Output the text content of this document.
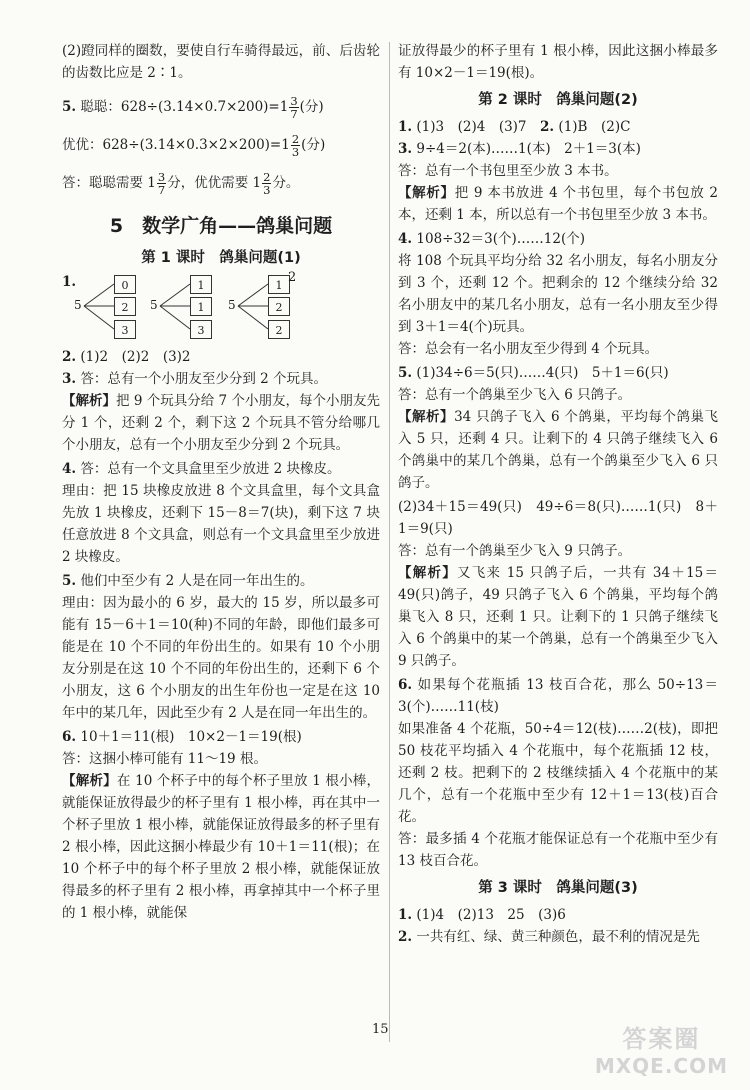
(2)蹬同样的圈数，要使自行车骑得最远，前、后齿轮的齿数比应是 2∶1。

5. 聪聪：$628\div(3.14\times 0.7\times 200)=1 \frac{3}{7}$ (分)

优优：$628\div(3.14\times 0.3\times 2\times 200)=1 \frac{2}{3}$ (分)

答：聪聪需要 $1 \frac{3}{7}$ 分，优优需要 $1 \frac{2}{3}$ 分。

5　数学广角——鸽巢问题
第 1 课时　鸽巢问题(1)
1.
5
0
2
3
5
1
1
3
5
1
2
2
2

2. (1)2　(2)2　(3)2

3. 答：总有一个小朋友至少分到 2 个玩具。

【解析】把 9 个玩具分给 7 个小朋友，每个小朋友先分 1 个，还剩 2 个，剩下这 2 个玩具不管分给哪几个小朋友，总有一个小朋友至少分到 2 个玩具。

4. 答：总有一个文具盒里至少放进 2 块橡皮。

理由：把 15 块橡皮放进 8 个文具盒里，每个文具盒先放 1 块橡皮，还剩下 15－8＝7(块)，剩下这 7 块任意放进 8 个文具盒，则总有一个文具盒里至少放进 2 块橡皮。

5. 他们中至少有 2 人是在同一年出生的。

理由：因为最小的 6 岁，最大的 15 岁，所以最多可能有 15－6＋1＝10(种)不同的年龄，即他们最多可能是在 10 个不同的年份出生的。如果有 10 个小朋友分别是在这 10 个不同的年份出生的，还剩下 6 个小朋友，这 6 个小朋友的出生年份也一定是在这 10 年中的某几年，因此至少有 2 人是在同一年出生的。

6. 10＋1＝11(根)　10×2－1＝19(根)

答：这捆小棒可能有 11～19 根。

【解析】在 10 个杯子中的每个杯子里放 1 根小棒，就能保证放得最少的杯子里有 1 根小棒，再在其中一个杯子里放 1 根小棒，就能保证放得最多的杯子里有 2 根小棒，因此这捆小棒最少有 10＋1＝11(根)；在 10 个杯子中的每个杯子里放 2 根小棒，就能保证放得最多的杯子里有 2 根小棒，再拿掉其中一个杯子里的 1 根小棒，就能保

证放得最少的杯子里有 1 根小棒，因此这捆小棒最多有 10×2－1＝19(根)。

第 2 课时　鸽巢问题(2)

1. (1)3　(2)4　(3)7　 2. (1)B　(2)C

3. 9÷4＝2(本)……1(本)　2＋1＝3(本)

答：总有一个书包里至少放 3 本书。

【解析】把 9 本书放进 4 个书包里，每个书包放 2 本，还剩 1 本，所以总有一个书包里至少放 3 本书。

4. 108÷32＝3(个)……12(个)

将 108 个玩具平均分给 32 名小朋友，每名小朋友分到 3 个，还剩 12 个。把剩余的 12 个继续分给 32 名小朋友中的某几名小朋友，总有一名小朋友至少得到 3＋1＝4(个)玩具。

答：总会有一名小朋友至少得到 4 个玩具。

5. (1)34÷6＝5(只)……4(只)　5＋1＝6(只)

答：总有一个鸽巢至少飞入 6 只鸽子。

【解析】34 只鸽子飞入 6 个鸽巢，平均每个鸽巢飞入 5 只，还剩 4 只。让剩下的 4 只鸽子继续飞入 6 个鸽巢中的某几个鸽巢，总有一个鸽巢至少飞入 6 只鸽子。

(2)34＋15＝49(只)　49÷6＝8(只)……1(只)　8＋1＝9(只)

答：总有一个鸽巢至少飞入 9 只鸽子。

【解析】又飞来 15 只鸽子后，一共有 34＋15＝49(只)鸽子，49 只鸽子飞入 6 个鸽巢，平均每个鸽巢飞入 8 只，还剩 1 只。让剩下的 1 只鸽子继续飞入 6 个鸽巢中的某一个鸽巢，总有一个鸽巢至少飞入 9 只鸽子。

6. 如果每个花瓶插 13 枝百合花，那么 50÷13＝3(个)……11(枝)

如果准备 4 个花瓶，50÷4＝12(枝)……2(枝)，即把 50 枝花平均插入 4 个花瓶中，每个花瓶插 12 枝，还剩 2 枝。把剩下的 2 枝继续插入 4 个花瓶中的某几个，总有一个花瓶中至少有 12＋1＝13(枝)百合花。

答：最多插 4 个花瓶才能保证总有一个花瓶中至少有 13 枝百合花。

第 3 课时　鸽巢问题(3)

1. (1)4　(2)13　25　(3)6

2. 一共有红、绿、黄三种颜色，最不利的情况是先

15	答案圈
MXQE.COM
